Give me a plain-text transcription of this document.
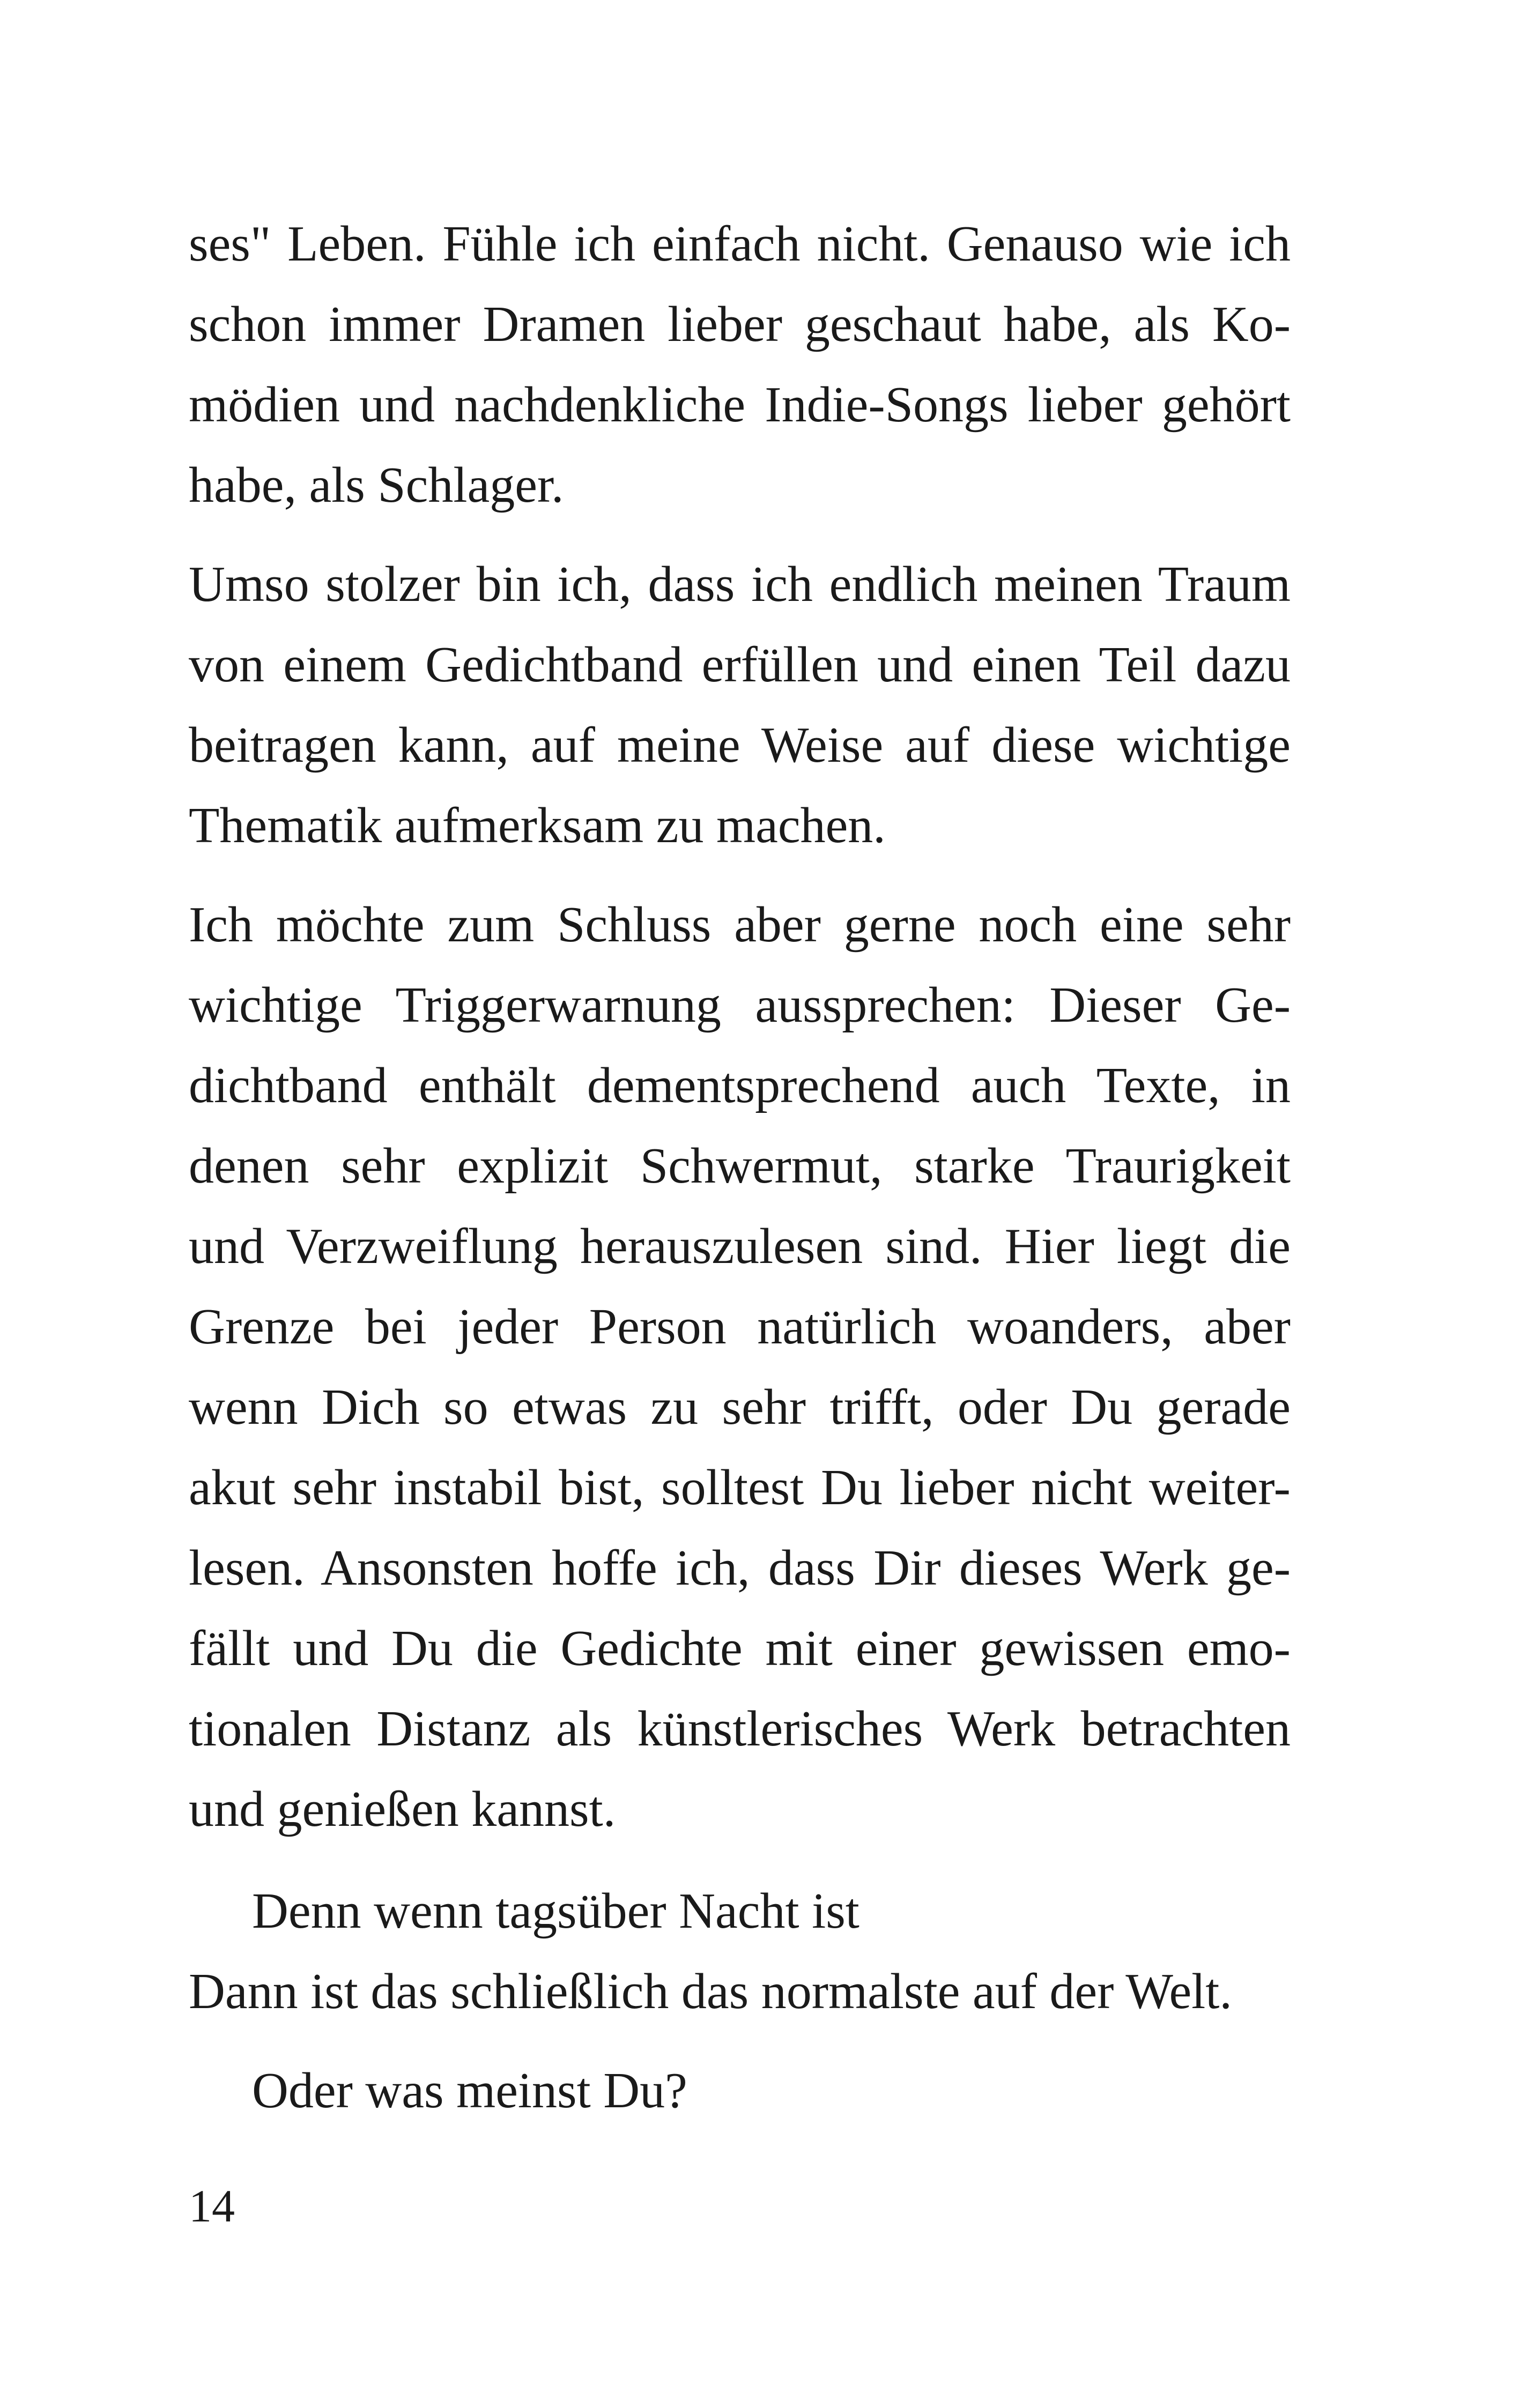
ses" Leben. Fühle ich einfach nicht. Genauso wie ich
schon immer Dramen lieber geschaut habe, als Ko-
mödien und nachdenkliche Indie-Songs lieber gehört
habe, als Schlager.
Umso stolzer bin ich, dass ich endlich meinen Traum
von einem Gedichtband erfüllen und einen Teil dazu
beitragen kann, auf meine Weise auf diese wichtige
Thematik aufmerksam zu machen.
Ich möchte zum Schluss aber gerne noch eine sehr
wichtige Triggerwarnung aussprechen: Dieser Ge-
dichtband enthält dementsprechend auch Texte, in
denen sehr explizit Schwermut, starke Traurigkeit
und Verzweiflung herauszulesen sind. Hier liegt die
Grenze bei jeder Person natürlich woanders, aber
wenn Dich so etwas zu sehr trifft, oder Du gerade
akut sehr instabil bist, solltest Du lieber nicht weiter-
lesen. Ansonsten hoffe ich, dass Dir dieses Werk ge-
fällt und Du die Gedichte mit einer gewissen emo-
tionalen Distanz als künstlerisches Werk betrachten
und genießen kannst.
Denn wenn tagsüber Nacht ist
Dann ist das schließlich das normalste auf der Welt.
Oder was meinst Du?
14
